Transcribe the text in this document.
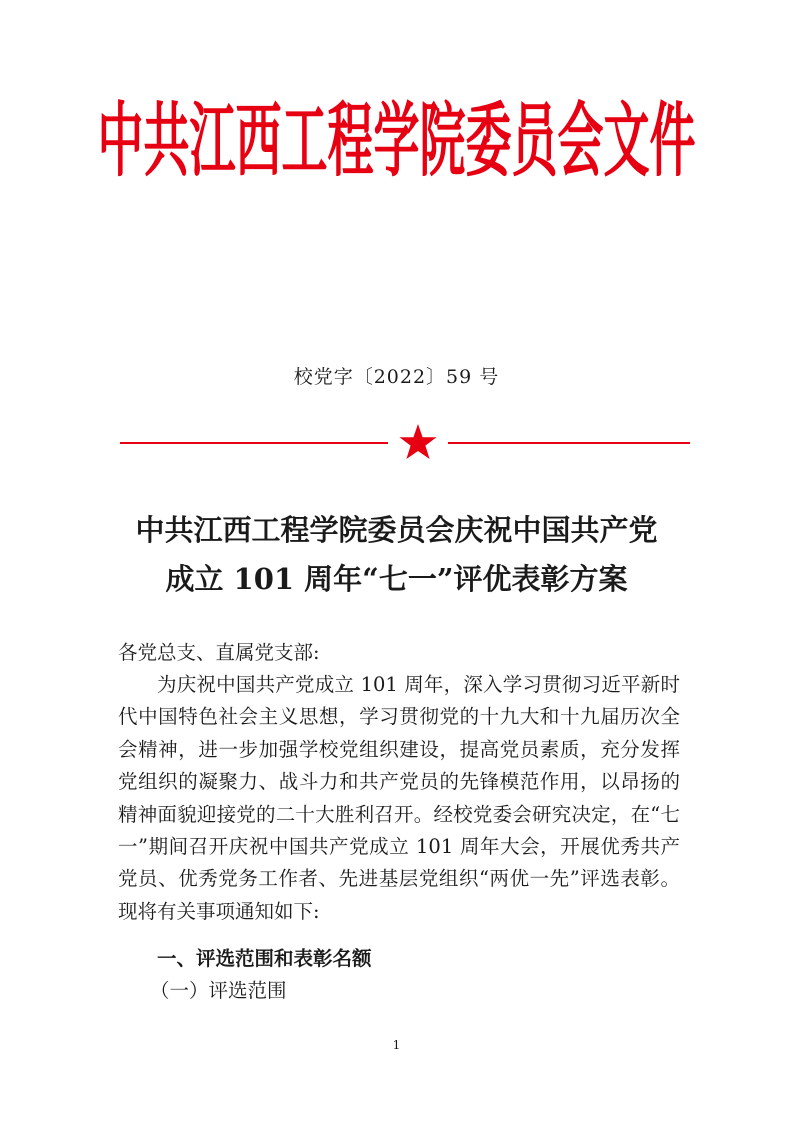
中共江西工程学院委员会文件
校党字〔2022〕59 号
中共江西工程学院委员会庆祝中国共产党
成立 101 周年“七一”评优表彰方案
各党总支、直属党支部:
为庆祝中国共产党成立 101 周年，深入学习贯彻习近平新时代中国特色社会主义思想，学习贯彻党的十九大和十九届历次全会精神，进一步加强学校党组织建设，提高党员素质，充分发挥党组织的凝聚力、战斗力和共产党员的先锋模范作用，以昂扬的精神面貌迎接党的二十大胜利召开。经校党委会研究决定，在“七一”期间召开庆祝中国共产党成立 101 周年大会，开展优秀共产党员、优秀党务工作者、先进基层党组织“两优一先”评选表彰。现将有关事项通知如下:
一、评选范围和表彰名额
（一）评选范围
1
